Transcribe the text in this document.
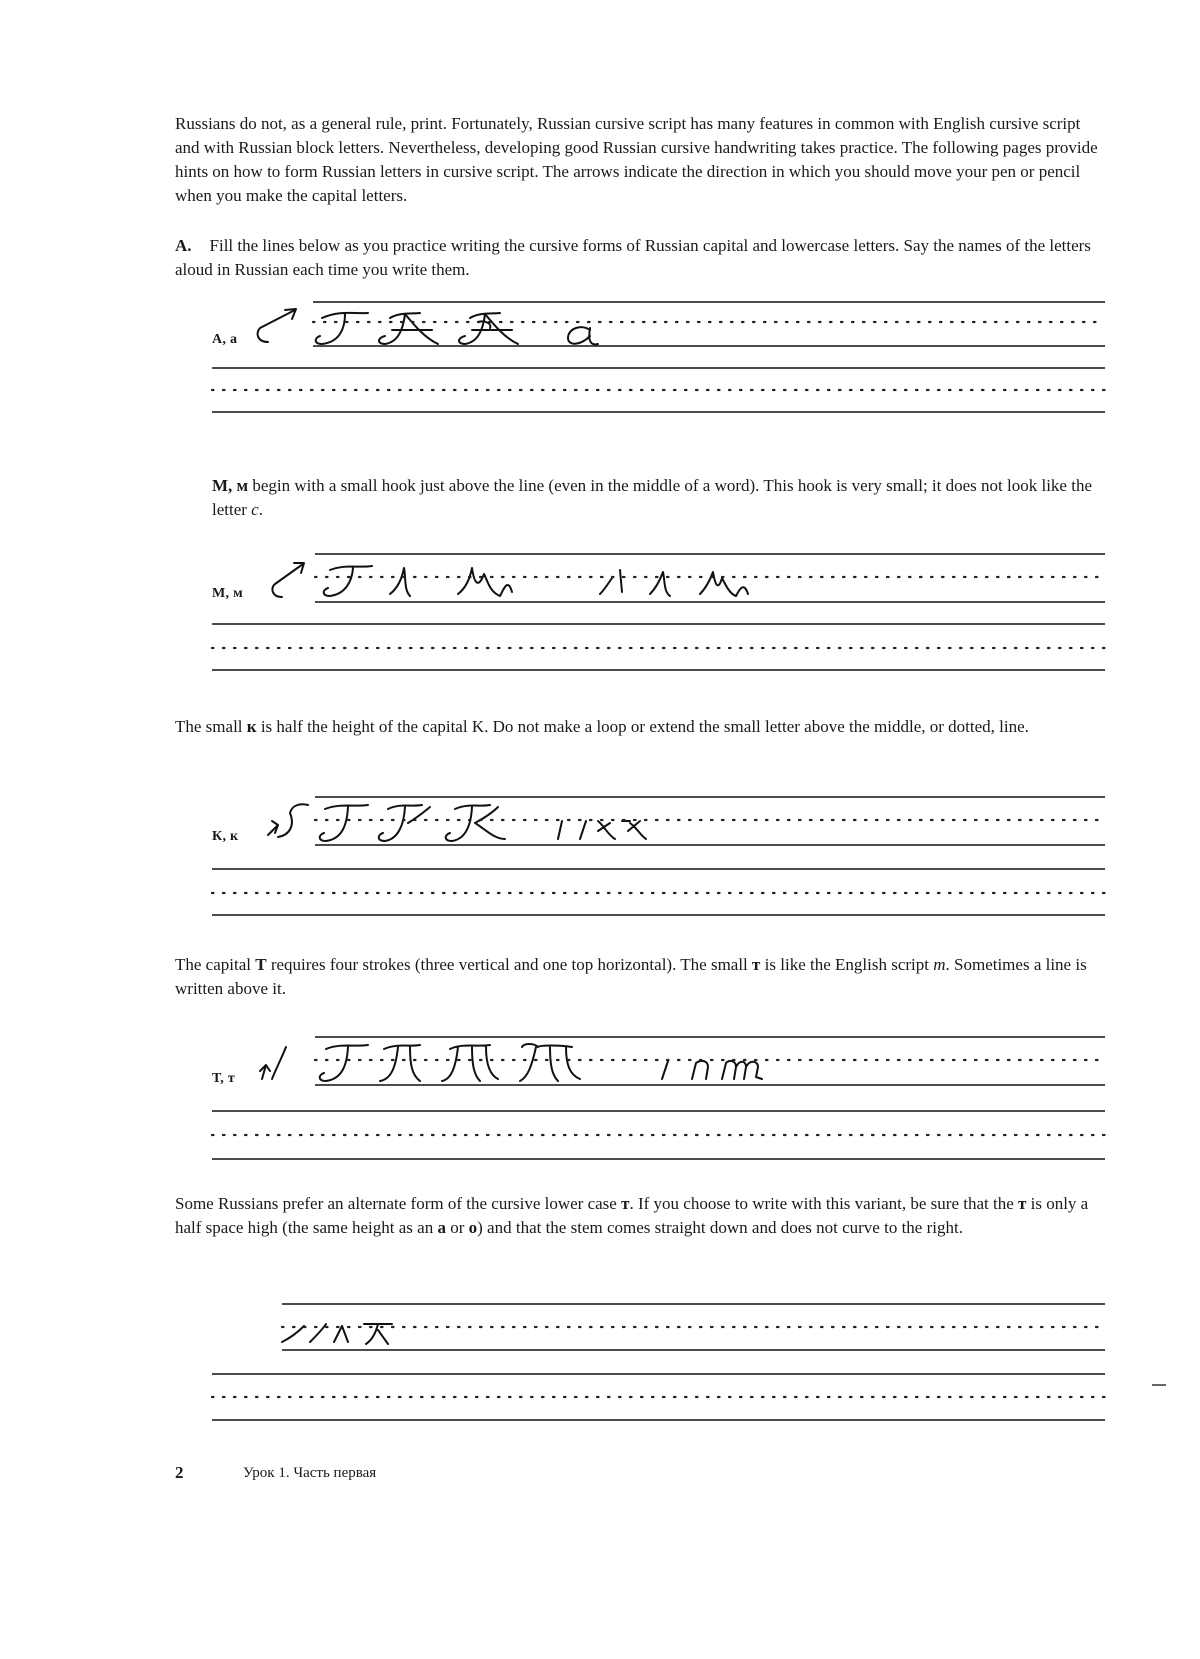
Russians do not, as a general rule, print. Fortunately, Russian cursive script has many features in common with English cursive script and with Russian block letters. Nevertheless, developing good Russian cursive handwriting takes practice. The following pages provide hints on how to form Russian letters in cursive script. The arrows indicate the direction in which you should move your pen or pencil when you make the capital letters.

A. Fill the lines below as you practice writing the cursive forms of Russian capital and lowercase letters. Say the names of the letters aloud in Russian each time you write them.

А, а

М, м begin with a small hook just above the line (even in the middle of a word). This hook is very small; it does not look like the letter c.

М, м

The small к is half the height of the capital K. Do not make a loop or extend the small letter above the middle, or dotted, line.

К, к

The capital T requires four strokes (three vertical and one top horizontal). The small т is like the English script m. Sometimes a line is written above it.

Т, т

Some Russians prefer an alternate form of the cursive lower case т. If you choose to write with this variant, be sure that the т is only a half space high (the same height as an a or o) and that the stem comes straight down and does not curve to the right.

2	Урок 1. Часть первая
